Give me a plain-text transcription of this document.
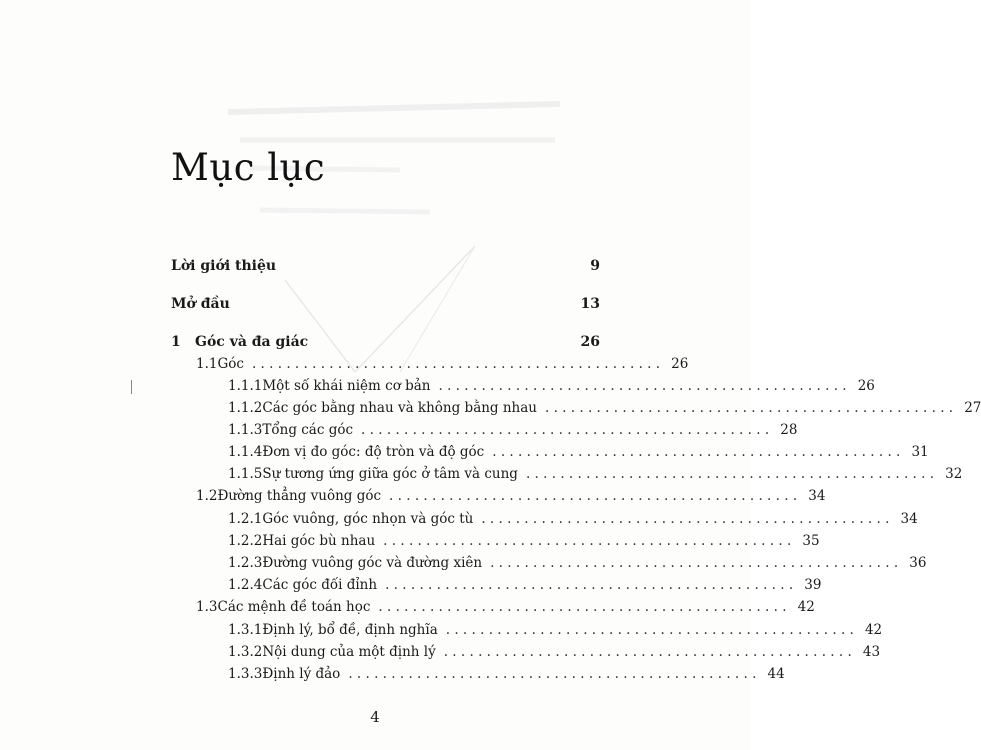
Mục lục
Lời giới thiệu	9
Mở đầu	13
1	Góc và đa giác	26
1.1 Góc ................................................ 26
1.1.1 Một số khái niệm cơ bản ................................................ 26
1.1.2 Các góc bằng nhau và không bằng nhau ................................................ 27
1.1.3 Tổng các góc ................................................ 28
1.1.4 Đơn vị đo góc: độ tròn và độ góc ................................................ 31
1.1.5 Sự tương ứng giữa góc ở tâm và cung ................................................ 32
1.2 Đường thẳng vuông góc ................................................ 34
1.2.1 Góc vuông, góc nhọn và góc tù ................................................ 34
1.2.2 Hai góc bù nhau ................................................ 35
1.2.3 Đường vuông góc và đường xiên ................................................ 36
1.2.4 Các góc đối đỉnh ................................................ 39
1.3 Các mệnh đề toán học ................................................ 42
1.3.1 Định lý, bổ đề, định nghĩa ................................................ 42
1.3.2 Nội dung của một định lý ................................................ 43
1.3.3 Định lý đảo ................................................ 44
4
